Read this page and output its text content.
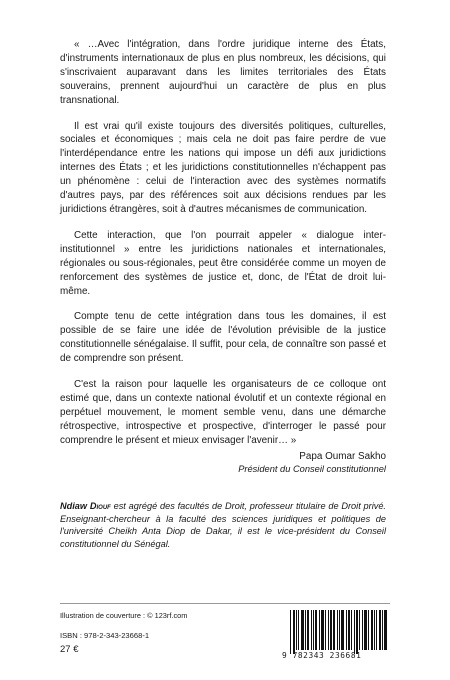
« …Avec l'intégration, dans l'ordre juridique interne des États, d'instruments internationaux de plus en plus nombreux, les décisions, qui s'inscrivaient auparavant dans les limites territoriales des États souverains, prennent aujourd'hui un caractère de plus en plus transnational.

Il est vrai qu'il existe toujours des diversités politiques, culturelles, sociales et économiques ; mais cela ne doit pas faire perdre de vue l'interdépendance entre les nations qui impose un défi aux juridictions internes des États ; et les juridictions constitutionnelles n'échappent pas un phénomène : celui de l'interaction avec des systèmes normatifs d'autres pays, par des références soit aux décisions rendues par les juridictions étrangères, soit à d'autres mécanismes de communication.

Cette interaction, que l'on pourrait appeler « dialogue inter-institutionnel » entre les juridictions nationales et internationales, régionales ou sous-régionales, peut être considérée comme un moyen de renforcement des systèmes de justice et, donc, de l'État de droit lui-même.

Compte tenu de cette intégration dans tous les domaines, il est possible de se faire une idée de l'évolution prévisible de la justice constitutionnelle sénégalaise. Il suffit, pour cela, de connaître son passé et de comprendre son présent.

C'est la raison pour laquelle les organisateurs de ce colloque ont estimé que, dans un contexte national évolutif et un contexte régional en perpétuel mouvement, le moment semble venu, dans une démarche rétrospective, introspective et prospective, d'interroger le passé pour comprendre le présent et mieux envisager l'avenir… »

Papa Oumar Sakho
Président du Conseil constitutionnel

Ndiaw Diouf est agrégé des facultés de Droit, professeur titulaire de Droit privé. Enseignant-chercheur à la faculté des sciences juridiques et politiques de l'université Cheikh Anta Diop de Dakar, il est le vice-président du Conseil constitutionnel du Sénégal.

Illustration de couverture : © 123rf.com
ISBN : 978-2-343-23668-1
27 €
9 782343 236681
